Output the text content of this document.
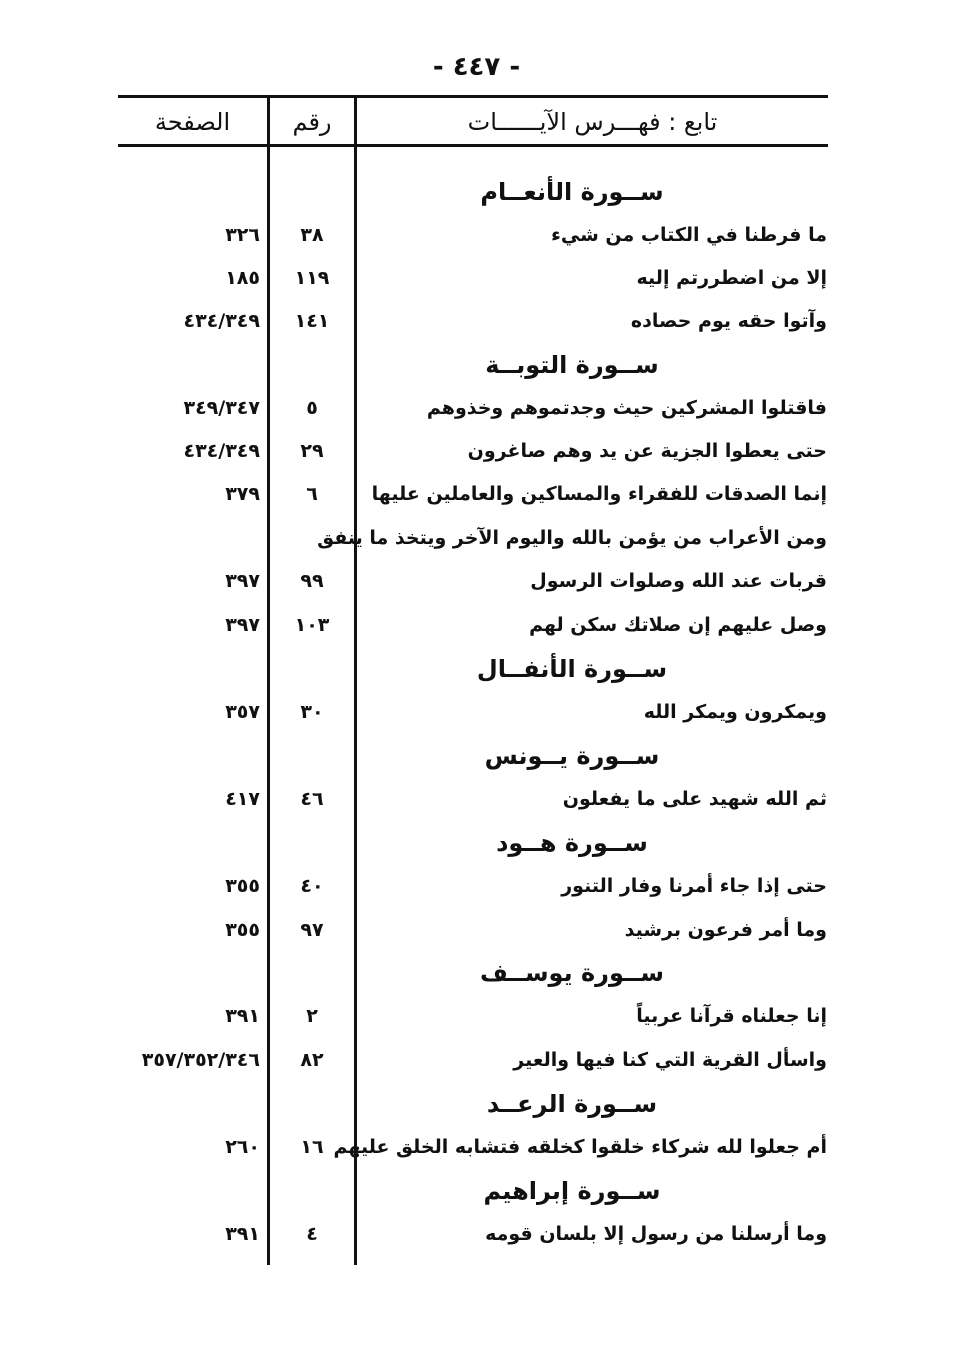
- ٤٤٧ -
تابع : فهـــرس الآيــــــات
رقم
الصفحة
ســورة الأنعــام
ما فرطنا في الكتاب من شيء
٣٨
٣٢٦
إلا من اضطررتم إليه
١١٩
١٨٥
وآتوا حقه يوم حصاده
١٤١
٤٣٤/٣٤٩
ســورة التوبــة
فاقتلوا المشركين حيث وجدتموهم وخذوهم
٥
٣٤٩/٣٤٧
حتى يعطوا الجزية عن يد وهم صاغرون
٢٩
٤٣٤/٣٤٩
إنما الصدقات للفقراء والمساكين والعاملين عليها
٦
٣٧٩
ومن الأعراب من يؤمن بالله واليوم الآخر ويتخذ ما ينفق
قربات عند الله وصلوات الرسول
٩٩
٣٩٧
وصل عليهم إن صلاتك سكن لهم
١٠٣
٣٩٧
ســورة الأنفــال
ويمكرون ويمكر الله
٣٠
٣٥٧
ســورة يــونس
ثم الله شهيد على ما يفعلون
٤٦
٤١٧
ســورة هــود
حتى إذا جاء أمرنا وفار التنور
٤٠
٣٥٥
وما أمر فرعون برشيد
٩٧
٣٥٥
ســورة يوســف
إنا جعلناه قرآنا عربياً
٢
٣٩١
واسأل القرية التي كنا فيها والعير
٨٢
٣٥٧/٣٥٢/٣٤٦
ســورة الرعــد
أم جعلوا لله شركاء خلقوا كخلقه فتشابه الخلق عليهم
١٦
٢٦٠
ســورة إبراهيم
وما أرسلنا من رسول إلا بلسان قومه
٤
٣٩١
